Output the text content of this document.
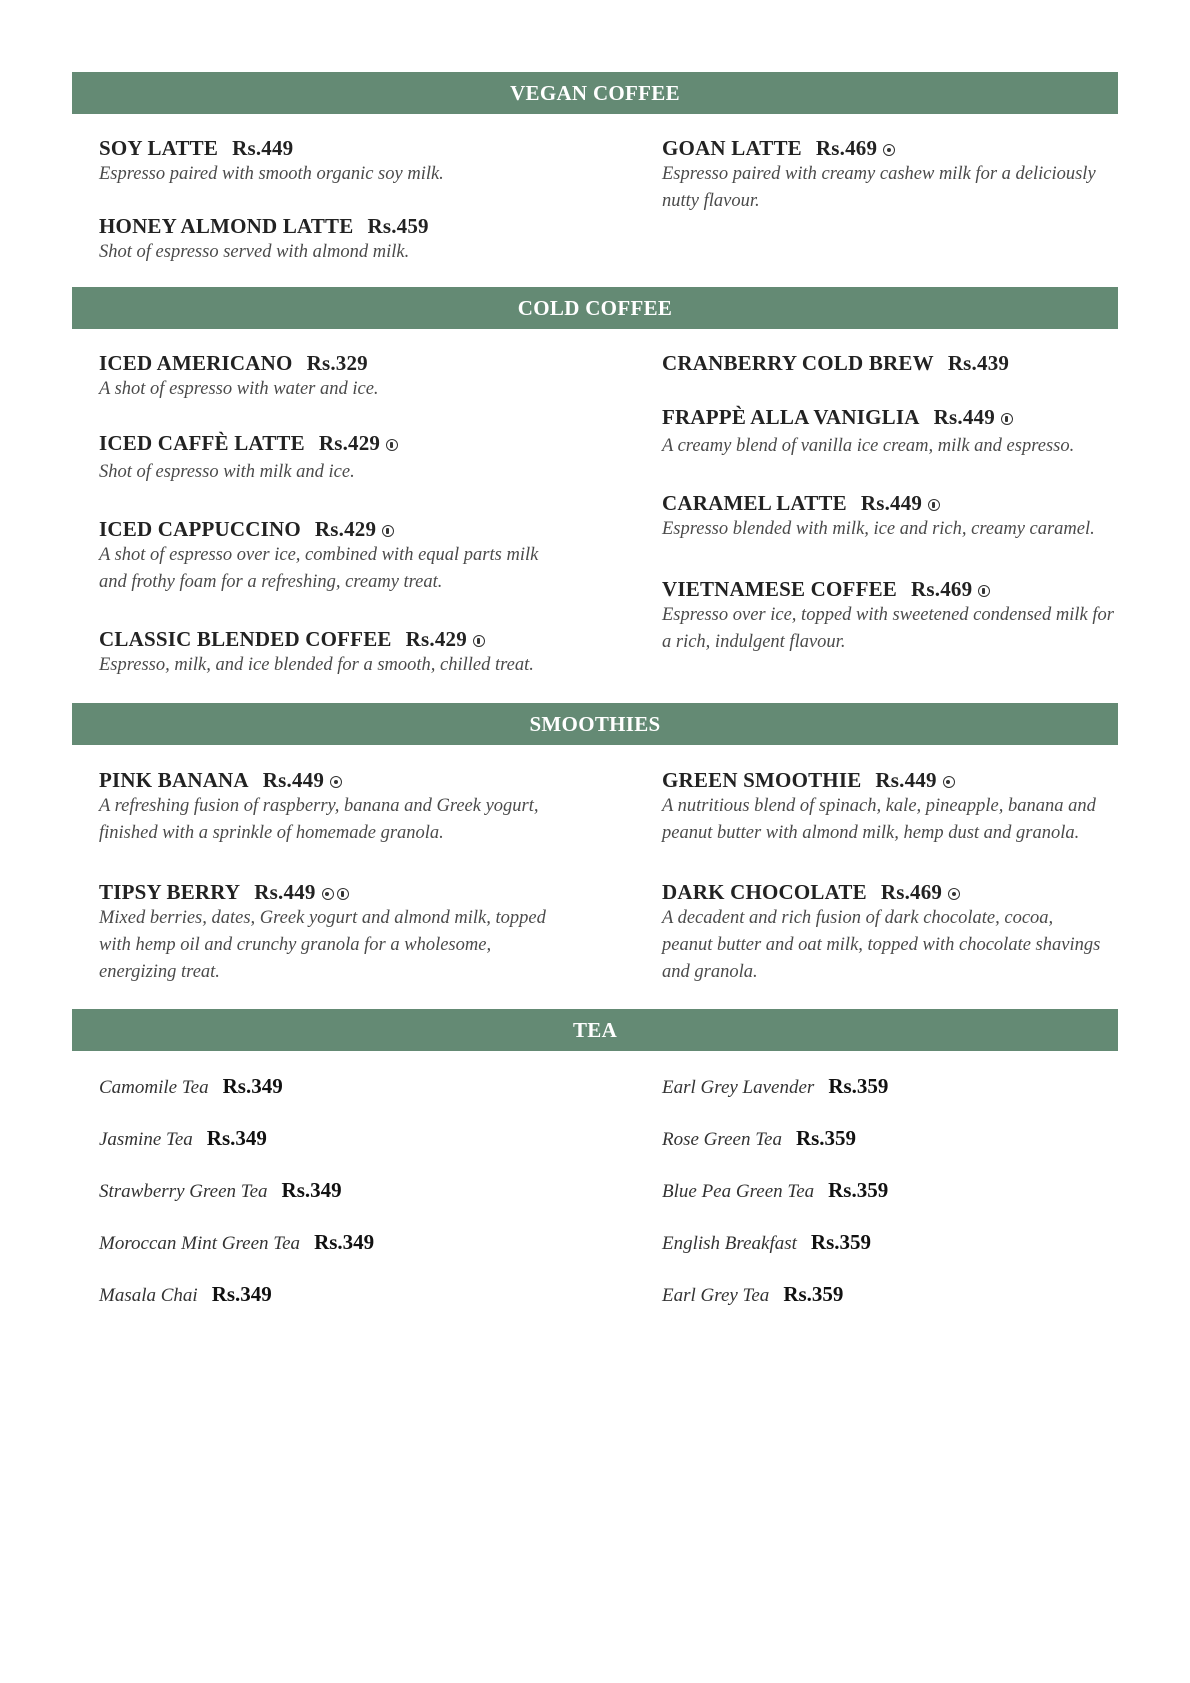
VEGAN COFFEE
SOY LATTE Rs.449
Espresso paired with smooth organic soy milk.
HONEY ALMOND LATTE Rs.459
Shot of espresso served with almond milk.
GOAN LATTE Rs.469
Espresso paired with creamy cashew milk for a deliciously
nutty flavour.
COLD COFFEE
ICED AMERICANO Rs.329
A shot of espresso with water and ice.
ICED CAFFÈ LATTE Rs.429
Shot of espresso with milk and ice.
ICED CAPPUCCINO Rs.429
A shot of espresso over ice, combined with equal parts milk
and frothy foam for a refreshing, creamy treat.
CLASSIC BLENDED COFFEE Rs.429
Espresso, milk, and ice blended for a smooth, chilled treat.
CRANBERRY COLD BREW Rs.439
FRAPPÈ ALLA VANIGLIA Rs.449
A creamy blend of vanilla ice cream, milk and espresso.
CARAMEL LATTE Rs.449
Espresso blended with milk, ice and rich, creamy caramel.
VIETNAMESE COFFEE Rs.469
Espresso over ice, topped with sweetened condensed milk for
a rich, indulgent flavour.
SMOOTHIES
PINK BANANA Rs.449
A refreshing fusion of raspberry, banana and Greek yogurt,
finished with a sprinkle of homemade granola.
TIPSY BERRY Rs.449
Mixed berries, dates, Greek yogurt and almond milk, topped
with hemp oil and crunchy granola for a wholesome,
energizing treat.
GREEN SMOOTHIE Rs.449
A nutritious blend of spinach, kale, pineapple, banana and
peanut butter with almond milk, hemp dust and granola.
DARK CHOCOLATE Rs.469
A decadent and rich fusion of dark chocolate, cocoa,
peanut butter and oat milk, topped with chocolate shavings
and granola.
TEA
Camomile Tea Rs.349
Jasmine Tea Rs.349
Strawberry Green Tea Rs.349
Moroccan Mint Green Tea Rs.349
Masala Chai Rs.349
Earl Grey Lavender Rs.359
Rose Green Tea Rs.359
Blue Pea Green Tea Rs.359
English Breakfast Rs.359
Earl Grey Tea Rs.359
